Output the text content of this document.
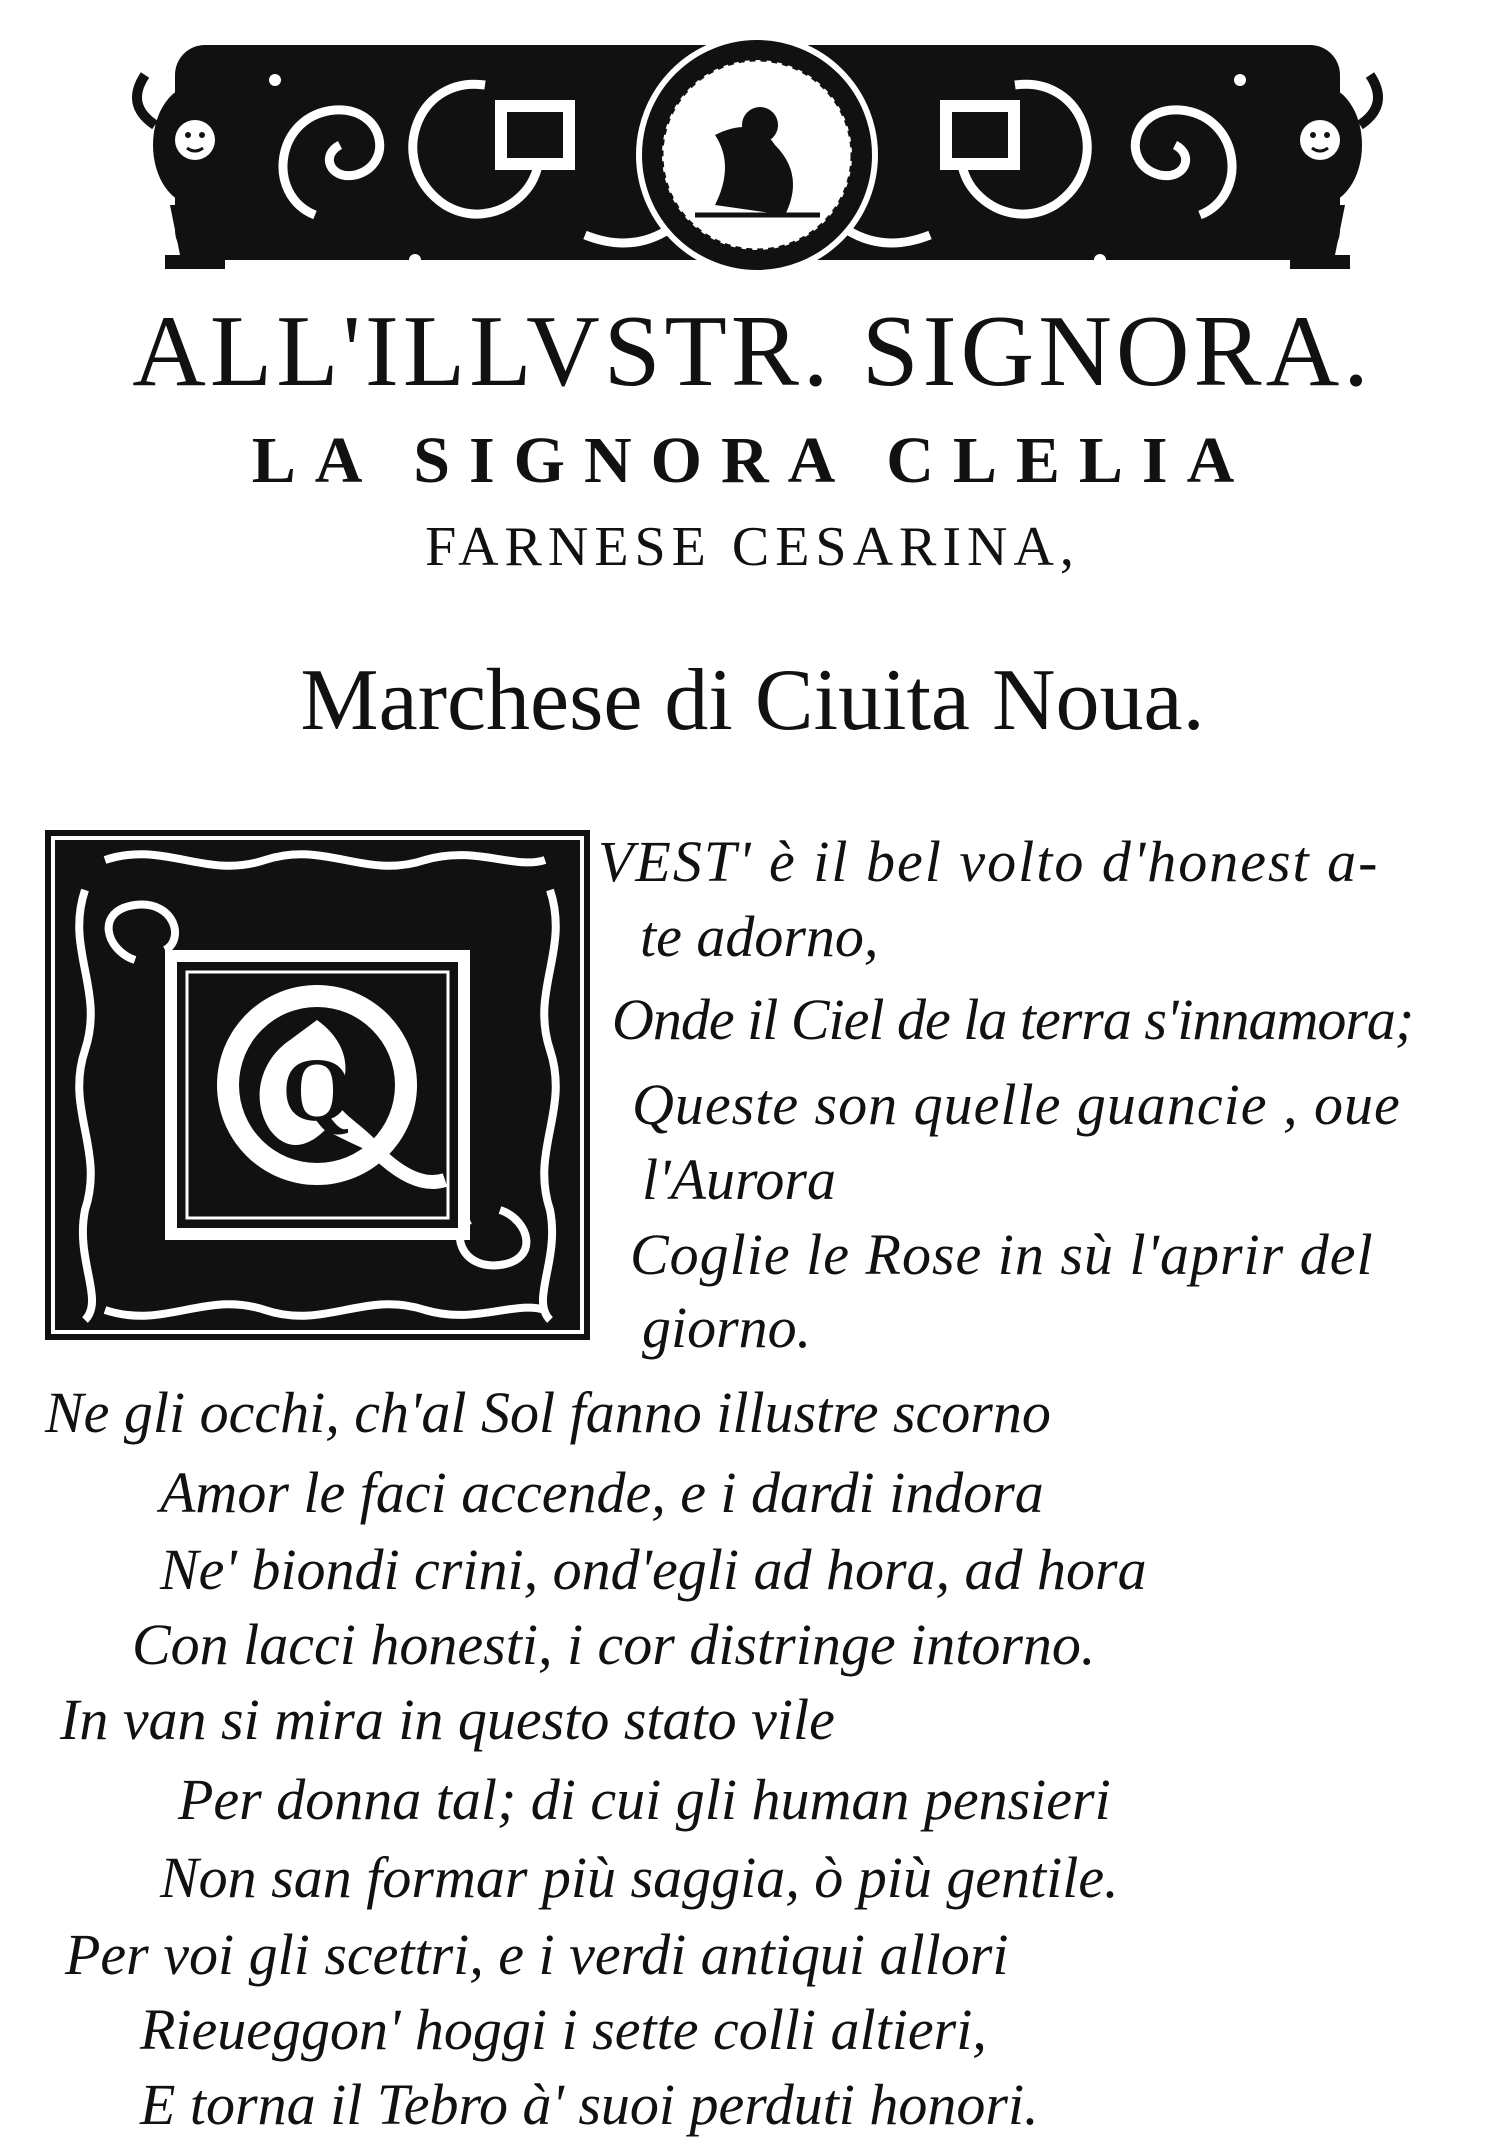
ALL'ILLVSTR. SIGNORA.
LA SIGNORA CLELIA
FARNESE CESARINA,
Marchese di Ciuita Noua.
Q
VEST' è il bel volto d'honest a-
te adorno,
Onde il Ciel de la terra s'innamora;
Queste son quelle guancie , oue
l'Aurora
Coglie le Rose in sù l'aprir del
giorno.
Ne gli occhi, ch'al Sol fanno illustre scorno
Amor le faci accende, e i dardi indora
Ne' biondi crini, ond'egli ad hora, ad hora
Con lacci honesti, i cor distringe intorno.
In van si mira in questo stato vile
Per donna tal; di cui gli human pensieri
Non san formar più saggia, ò più gentile.
Per voi gli scettri, e i verdi antiqui allori
Rieueggon' hoggi i sette colli altieri,
E torna il Tebro à' suoi perduti honori.
